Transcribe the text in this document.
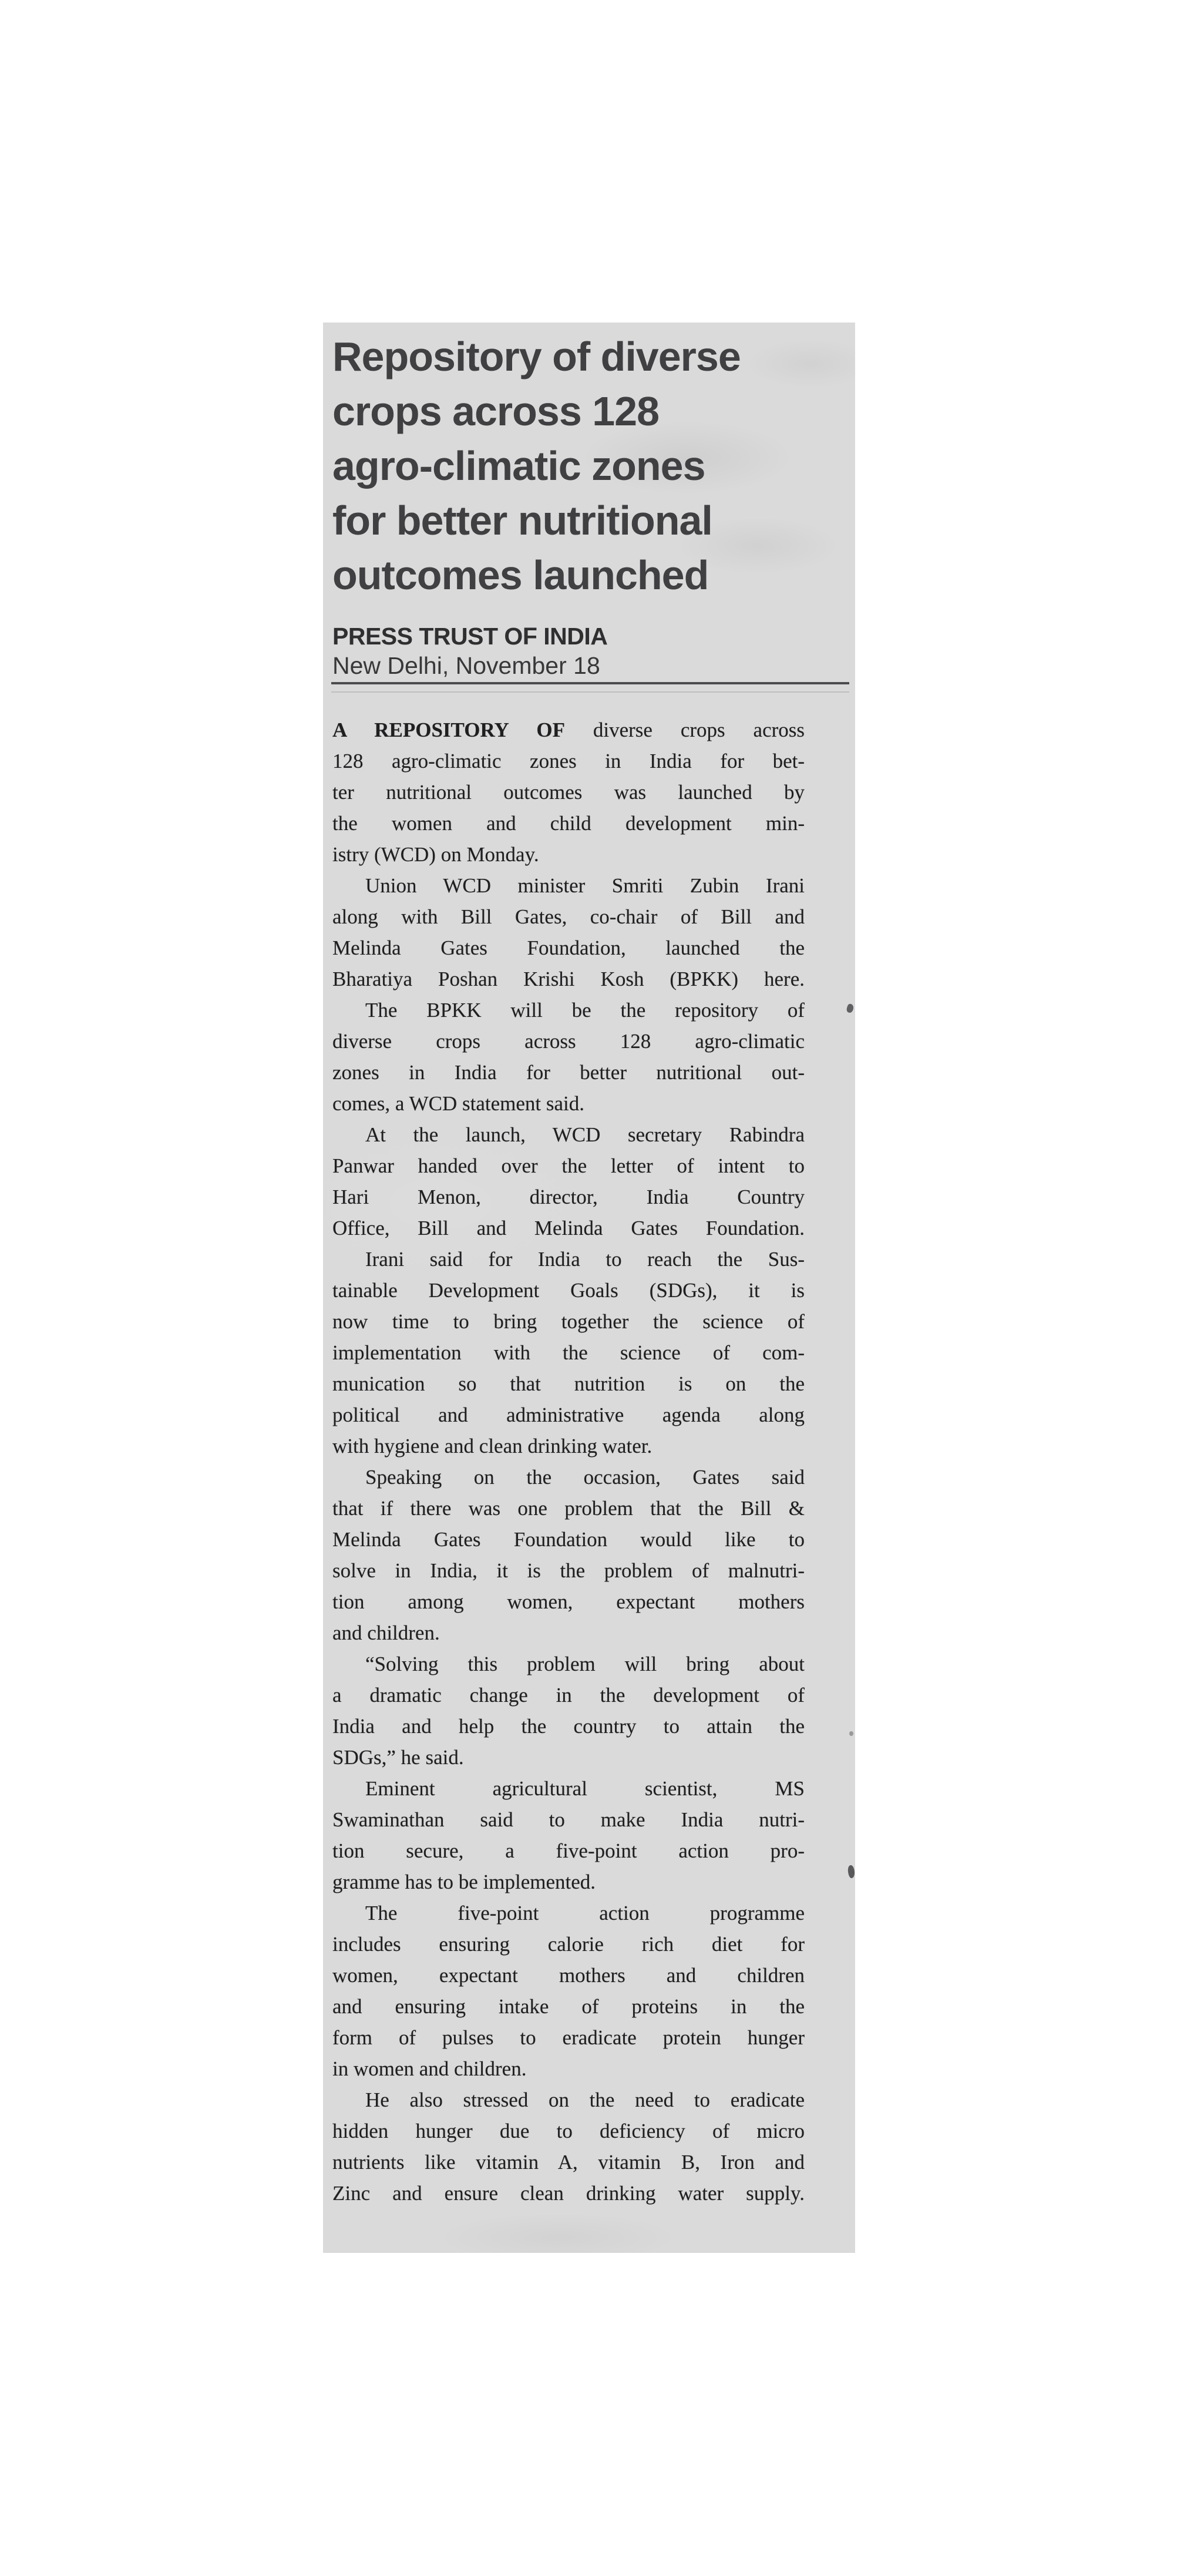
Repository of diverse
crops across 128
agro-climatic zones
for better nutritional
outcomes launched
PRESS TRUST OF INDIA
New Delhi, November 18
A REPOSITORY OF diverse crops across
128 agro-climatic zones in India for bet-
ter nutritional outcomes was launched by
the women and child development min-
istry (WCD) on Monday.
Union WCD minister Smriti Zubin Irani
along with Bill Gates, co-chair of Bill and
Melinda Gates Foundation, launched the
Bharatiya Poshan Krishi Kosh (BPKK) here.
The BPKK will be the repository of
diverse crops across 128 agro-climatic
zones in India for better nutritional out-
comes, a WCD statement said.
At the launch, WCD secretary Rabindra
Panwar handed over the letter of intent to
Hari Menon, director, India Country
Office, Bill and Melinda Gates Foundation.
Irani said for India to reach the Sus-
tainable Development Goals (SDGs), it is
now time to bring together the science of
implementation with the science of com-
munication so that nutrition is on the
political and administrative agenda along
with hygiene and clean drinking water.
Speaking on the occasion, Gates said
that if there was one problem that the Bill &
Melinda Gates Foundation would like to
solve in India, it is the problem of malnutri-
tion among women, expectant mothers
and children.
“Solving this problem will bring about
a dramatic change in the development of
India and help the country to attain the
SDGs,” he said.
Eminent agricultural scientist, MS
Swaminathan said to make India nutri-
tion secure, a five-point action pro-
gramme has to be implemented.
The five-point action programme
includes ensuring calorie rich diet for
women, expectant mothers and children
and ensuring intake of proteins in the
form of pulses to eradicate protein hunger
in women and children.
He also stressed on the need to eradicate
hidden hunger due to deficiency of micro
nutrients like vitamin A, vitamin B, Iron and
Zinc and ensure clean drinking water supply.
